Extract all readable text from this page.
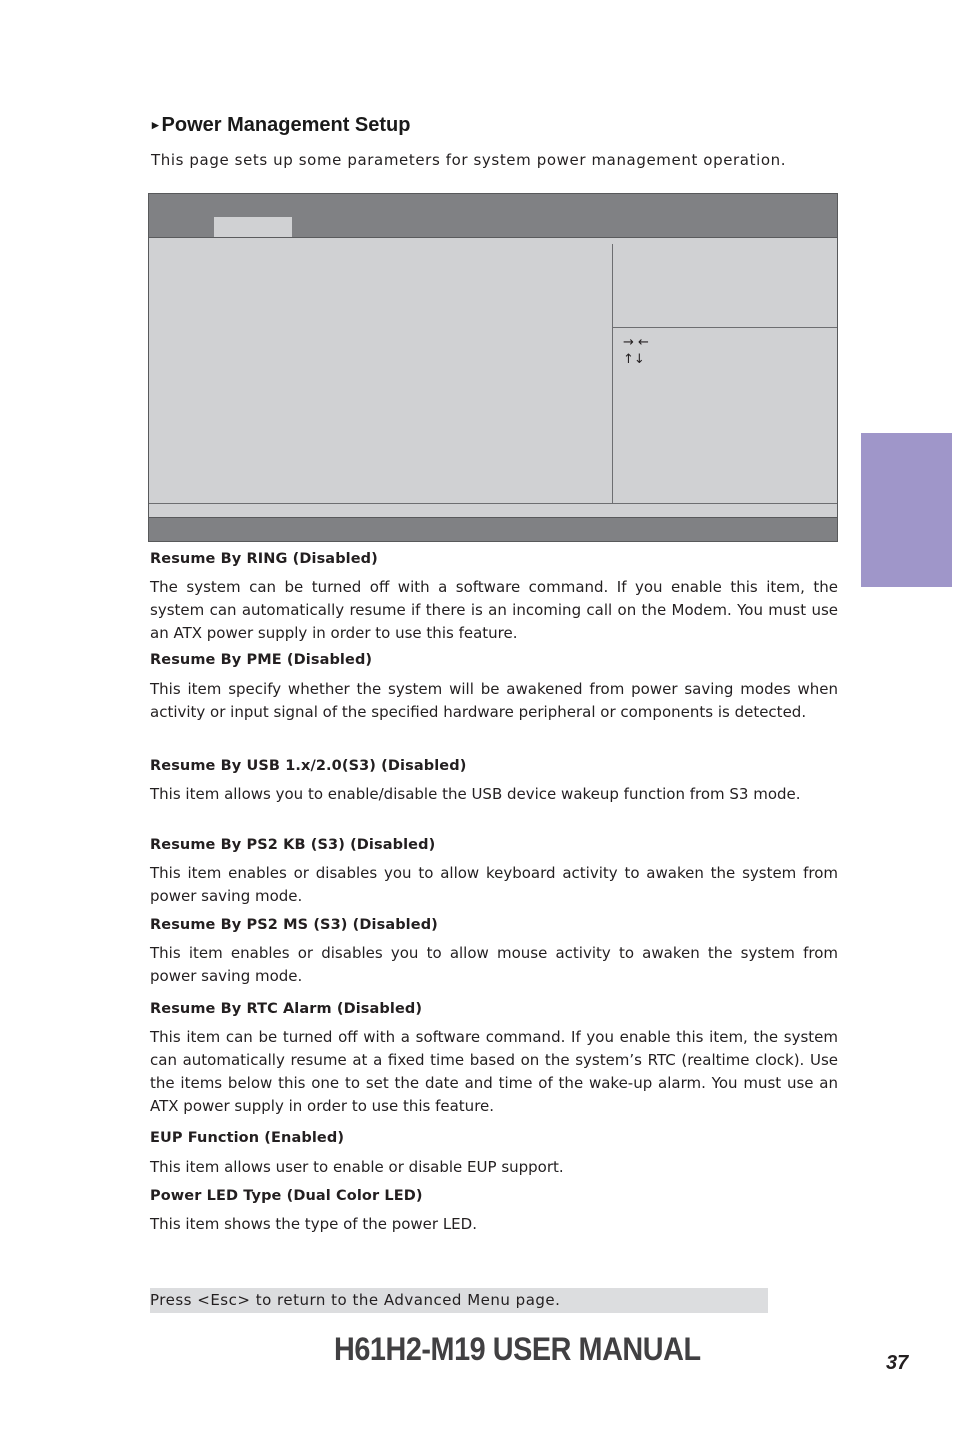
▸ Power Management Setup
This page sets up some parameters for system power management operation.
→ ←
↑↓
Resume By RING (Disabled)
The system can be turned off with a software command. If you enable this item, the system can automatically resume if there is an incoming call on the Modem. You must use an ATX power supply in order to use this feature.
Resume By PME (Disabled)
This item specify whether the system will be awakened from power saving modes when activity or input signal of the specified hardware peripheral or components is detected.
Resume By USB 1.x/2.0(S3) (Disabled)
This item allows you to enable/disable the USB device wakeup function from S3 mode.
Resume By PS2 KB (S3) (Disabled)
This item enables or disables you to allow keyboard activity to awaken the system from power saving mode.
Resume By PS2 MS (S3) (Disabled)
This item enables or disables you to allow mouse activity to awaken the system from power saving mode.
Resume By RTC Alarm (Disabled)
This item can be turned off with a software command. If you enable this item, the system can automatically resume at a fixed time based on the system’s RTC (realtime clock). Use the items below this one to set the date and time of the wake-up alarm. You must use an ATX power supply in order to use this feature.
EUP Function (Enabled)
This item allows user to enable or disable EUP support.
Power LED Type (Dual Color LED)
This item shows the type of the power LED.
Press <Esc> to return to the Advanced Menu page.
H61H2-M19 USER MANUAL	37
